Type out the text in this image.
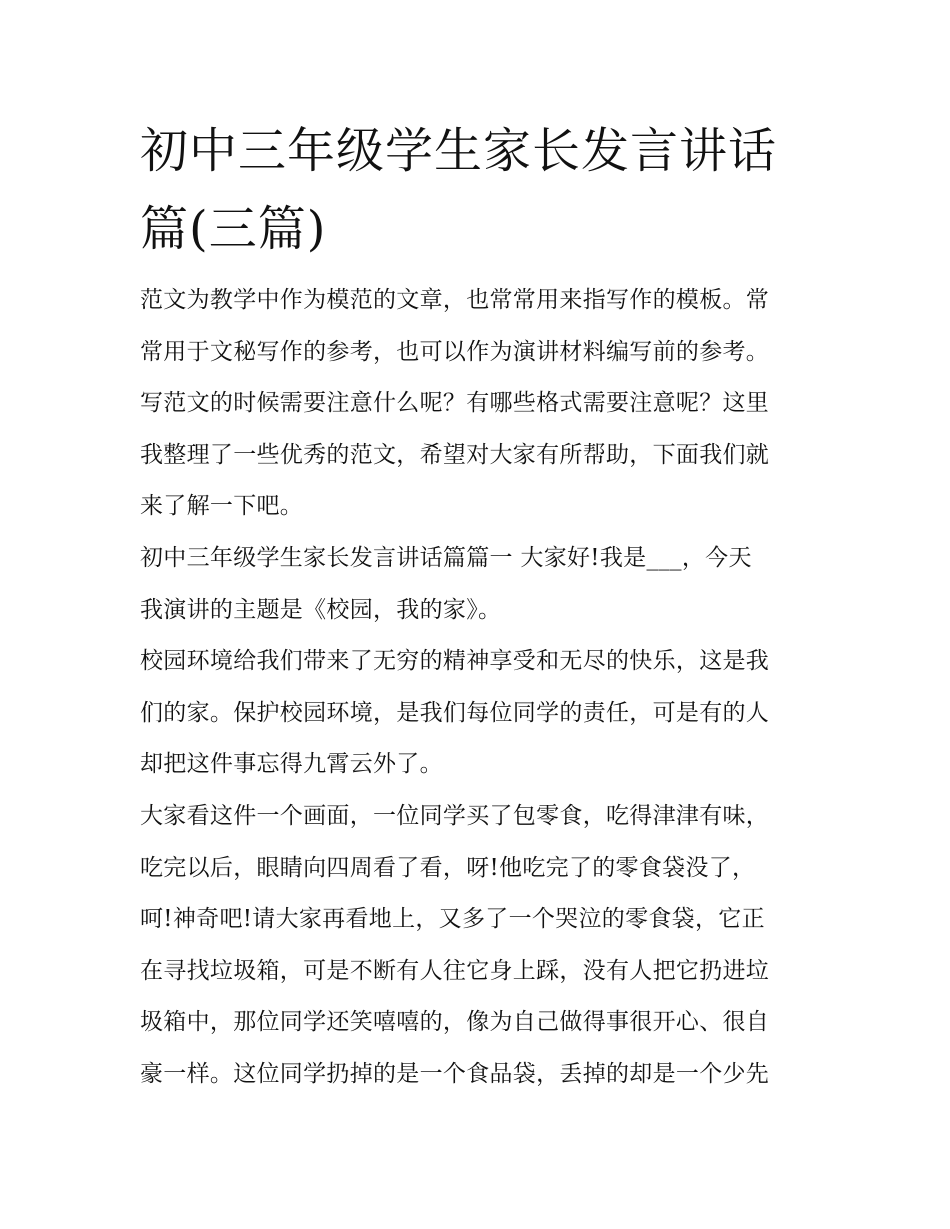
初中三年级学生家长发言讲话
篇(三篇)
范文为教学中作为模范的文章，也常常用来指写作的模板。常
常用于文秘写作的参考，也可以作为演讲材料编写前的参考。
写范文的时候需要注意什么呢？有哪些格式需要注意呢？这里
我整理了一些优秀的范文，希望对大家有所帮助，下面我们就
来了解一下吧。
初中三年级学生家长发言讲话篇篇一 大家好!我是___，今天
我演讲的主题是《校园，我的家》。
校园环境给我们带来了无穷的精神享受和无尽的快乐，这是我
们的家。保护校园环境，是我们每位同学的责任，可是有的人
却把这件事忘得九霄云外了。
大家看这件一个画面，一位同学买了包零食，吃得津津有味，
吃完以后，眼睛向四周看了看，呀!他吃完了的零食袋没了，
呵!神奇吧!请大家再看地上，又多了一个哭泣的零食袋，它正
在寻找垃圾箱，可是不断有人往它身上踩，没有人把它扔进垃
圾箱中，那位同学还笑嘻嘻的，像为自己做得事很开心、很自
豪一样。这位同学扔掉的是一个食品袋，丢掉的却是一个少先
